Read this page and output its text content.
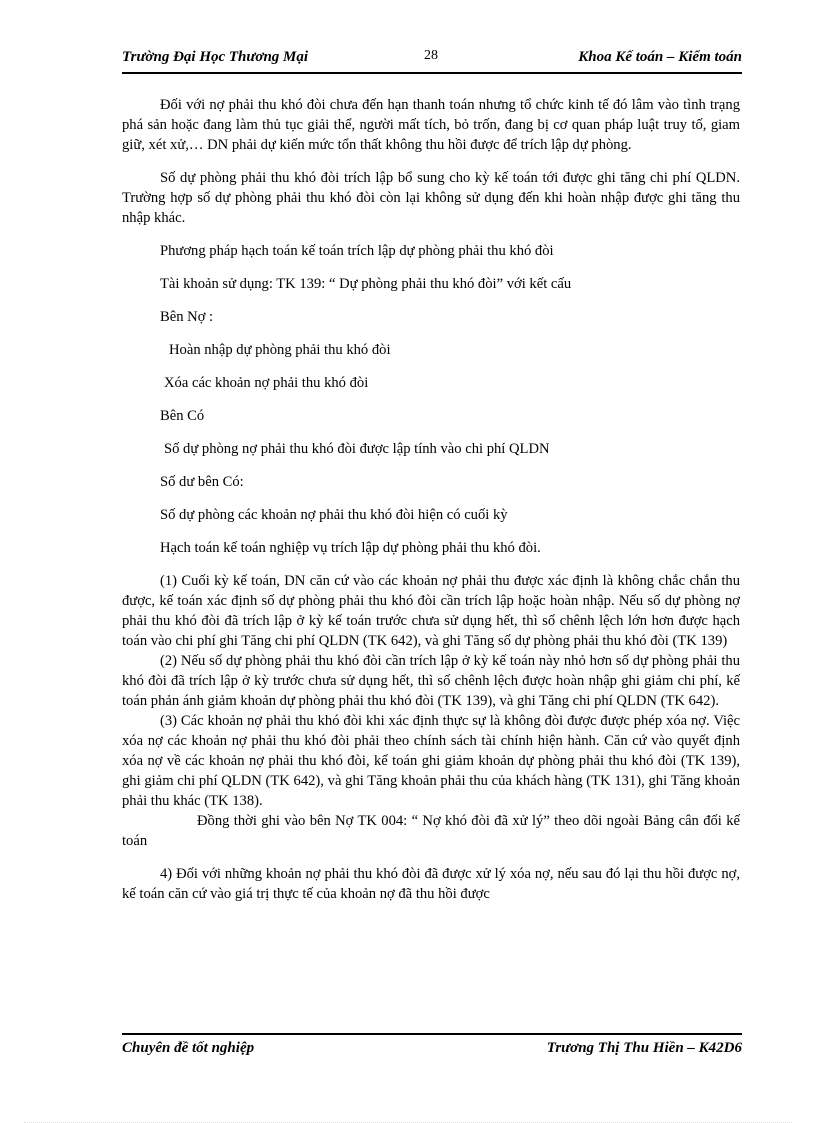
Trường Đại Học Thương Mại	28	Khoa Kế toán – Kiểm toán

Đối với nợ phải thu khó đòi chưa đến hạn thanh toán nhưng tổ chức kinh tế đó lâm vào tình trạng phá sản hoặc đang làm thủ tục giải thể, người mất tích, bỏ trốn, đang bị cơ quan pháp luật truy tố, giam giữ, xét xử,… DN phải dự kiến mức tổn thất không thu hồi được để trích lập dự phòng.

Số dự phòng phải thu khó đòi trích lập bổ sung cho kỳ kế toán tới được ghi tăng chi phí QLDN. Trường hợp số dự phòng phải thu khó đòi còn lại không sử dụng đến khi hoàn nhập được ghi tăng thu nhập khác.

Phương pháp hạch toán kế toán trích lập dự phòng phải thu khó đòi

Tài khoản sử dụng: TK 139: “ Dự phòng phải thu khó đòi” với kết cấu

Bên Nợ :

Hoàn nhập dự phòng phải thu khó đòi

Xóa các khoản nợ phải thu khó đòi

Bên Có

Số dự phòng nợ phải thu khó đòi được lập tính vào chi phí QLDN

Số dư bên Có:

Số dự phòng các khoản nợ phải thu khó đòi hiện có cuối kỳ

Hạch toán kế toán nghiệp vụ trích lập dự phòng phải thu khó đòi.

(1) Cuối kỳ kế toán, DN căn cứ vào các khoản nợ phải thu được xác định là không chắc chắn thu được, kế toán xác định số dự phòng phải thu khó đòi cần trích lập hoặc hoàn nhập. Nếu số dự phòng nợ phải thu khó đòi đã trích lập ở kỳ kế toán trước chưa sử dụng hết, thì số chênh lệch lớn hơn được hạch toán vào chi phí ghi Tăng chi phí QLDN (TK 642), và ghi Tăng số dự phòng phải thu khó đòi (TK 139)

(2) Nếu số dự phòng phải thu khó đòi cần trích lập ở kỳ kế toán này nhỏ hơn số dự phòng phải thu khó đòi đã trích lập ở kỳ trước chưa sử dụng hết, thì số chênh lệch được hoàn nhập ghi giảm chi phí, kế toán phản ánh giảm khoản dự phòng phải thu khó đòi (TK 139), và ghi Tăng chi phí QLDN (TK 642).

(3) Các khoản nợ phải thu khó đòi khi xác định thực sự là không đòi được được phép xóa nợ. Việc xóa nợ các khoản nợ phải thu khó đòi phải theo chính sách tài chính hiện hành. Căn cứ vào quyết định xóa nợ về các khoản nợ phải thu khó đòi, kế toán ghi giảm khoản dự phòng phải thu khó đòi (TK 139), ghi giảm chi phí QLDN (TK 642), và ghi Tăng khoản phải thu của khách hàng (TK 131), ghi Tăng khoản phải thu khác (TK 138).

Đồng thời ghi vào bên Nợ TK 004: “ Nợ khó đòi đã xử lý” theo dõi ngoài Bảng cân đối kế toán

4) Đối với những khoản nợ phải thu khó đòi đã được xử lý xóa nợ, nếu sau đó lại thu hồi được nợ, kế toán căn cứ vào giá trị thực tế của khoản nợ đã thu hồi được

Chuyên đề tốt nghiệp	Trương Thị Thu Hiền – K42D6
